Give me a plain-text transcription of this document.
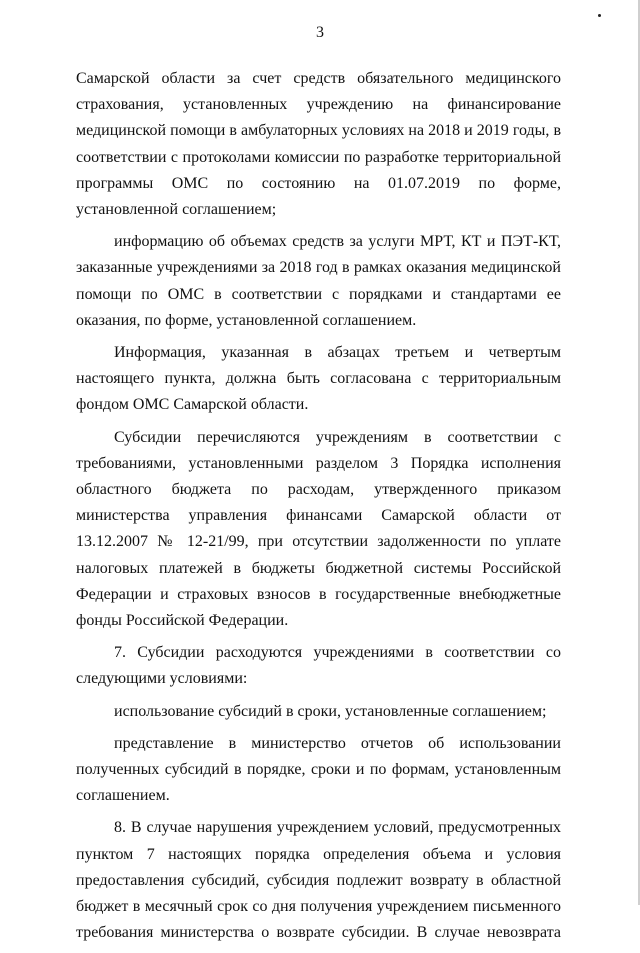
3

Самарской области за счет средств обязательного медицинского страхования, установленных учреждению на финансирование медицинской помощи в амбулаторных условиях на 2018 и 2019 годы, в соответствии с протоколами комиссии по разработке территориальной программы ОМС по состоянию на 01.07.2019 по форме, установленной соглашением;

информацию об объемах средств за услуги МРТ, КТ и ПЭТ-КТ, заказанные учреждениями за 2018 год в рамках оказания медицинской помощи по ОМС в соответствии с порядками и стандартами ее оказания, по форме, установленной соглашением.

Информация, указанная в абзацах третьем и четвертым настоящего пункта, должна быть согласована с территориальным фондом ОМС Самарской области.

Субсидии перечисляются учреждениям в соответствии с требованиями, установленными разделом 3 Порядка исполнения областного бюджета по расходам, утвержденного приказом министерства управления финансами Самарской области от 13.12.2007 № 12-21/99, при отсутствии задолженности по уплате налоговых платежей в бюджеты бюджетной системы Российской Федерации и страховых взносов в государственные внебюджетные фонды Российской Федерации.

7. Субсидии расходуются учреждениями в соответствии со следующими условиями:

использование субсидий в сроки, установленные соглашением;

представление в министерство отчетов об использовании полученных субсидий в порядке, сроки и по формам, установленным соглашением.

8. В случае нарушения учреждением условий, предусмотренных пунктом 7 настоящих порядка определения объема и условия предоставления субсидий, субсидия подлежит возврату в областной бюджет в месячный срок со дня получения учреждением письменного требования министерства о возврате субсидии. В случае невозврата
